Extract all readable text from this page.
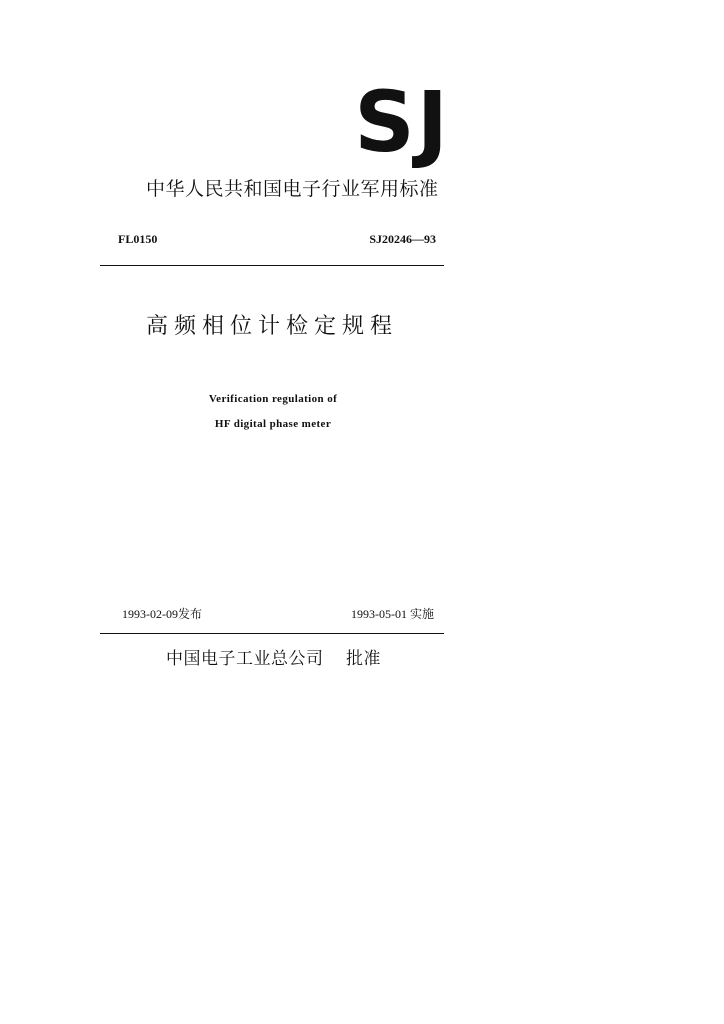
SJ
中华人民共和国电子行业军用标准
FL0150	SJ20246—93
高频相位计检定规程
Verification regulation of
HF digital phase meter
1993-02-09发布	1993-05-01 实施
中国电子工业总公司 批准
